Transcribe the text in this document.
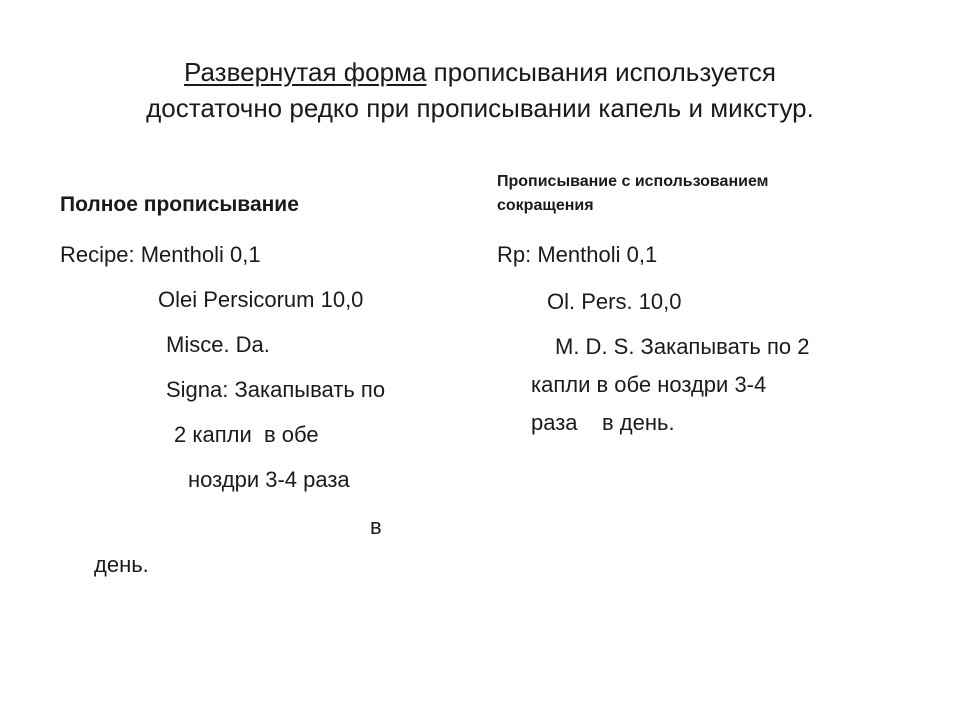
Развернутая форма прописывания используется
достаточно редко при прописывании капель и микстур.
Полное прописывание
Recipe: Mentholi 0,1
Olei Persicorum 10,0
Misce. Da.
Signa: Закапывать по
2 капли  в обе
ноздри 3-4 раза
в
день.
Прописывание с использованием
сокращения
Rp: Mentholi 0,1
Ol. Pers. 10,0
M. D. S. Закапывать по 2
капли в обе ноздри 3-4
раза    в день.
